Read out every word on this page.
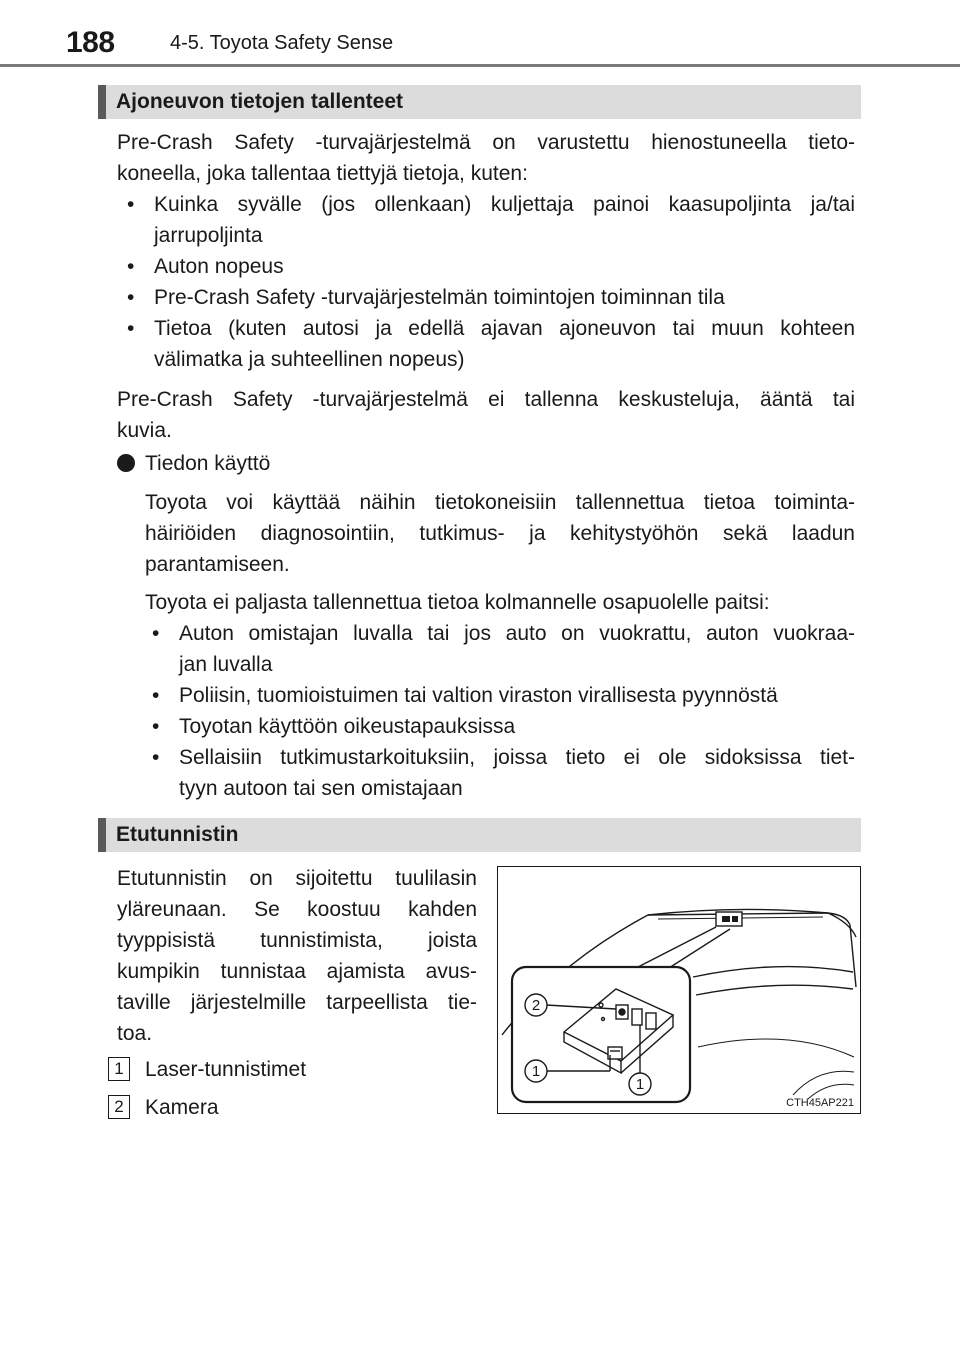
188	4-5. Toyota Safety Sense
Ajoneuvon tietojen tallenteet
Pre-Crash Safety -turvajärjestelmä on varustettu hienostuneella tieto-
koneella, joka tallentaa tiettyjä tietoja, kuten:
• Kuinka syvälle (jos ollenkaan) kuljettaja painoi kaasupoljinta ja/tai
jarrupoljinta
• Auton nopeus
• Pre-Crash Safety -turvajärjestelmän toimintojen toiminnan tila
• Tietoa (kuten autosi ja edellä ajavan ajoneuvon tai muun kohteen
välimatka ja suhteellinen nopeus)
Pre-Crash Safety -turvajärjestelmä ei tallenna keskusteluja, ääntä tai
kuvia.
Tiedon käyttö
Toyota voi käyttää näihin tietokoneisiin tallennettua tietoa toiminta-
häiriöiden diagnosointiin, tutkimus- ja kehitystyöhön sekä laadun
parantamiseen.
Toyota ei paljasta tallennettua tietoa kolmannelle osapuolelle paitsi:
• Auton omistajan luvalla tai jos auto on vuokrattu, auton vuokraa-
jan luvalla
• Poliisin, tuomioistuimen tai valtion viraston virallisesta pyynnöstä
• Toyotan käyttöön oikeustapauksissa
• Sellaisiin tutkimustarkoituksiin, joissa tieto ei ole sidoksissa tiet-
tyyn autoon tai sen omistajaan
Etutunnistin
Etutunnistin on sijoitettu tuulilasin
yläreunaan. Se koostuu kahden
tyyppisistä tunnistimista, joista
kumpikin tunnistaa ajamista avus-
taville järjestelmille tarpeellista tie-
toa.
1 Laser-tunnistimet
2 Kamera
2
1
1
CTH45AP221
